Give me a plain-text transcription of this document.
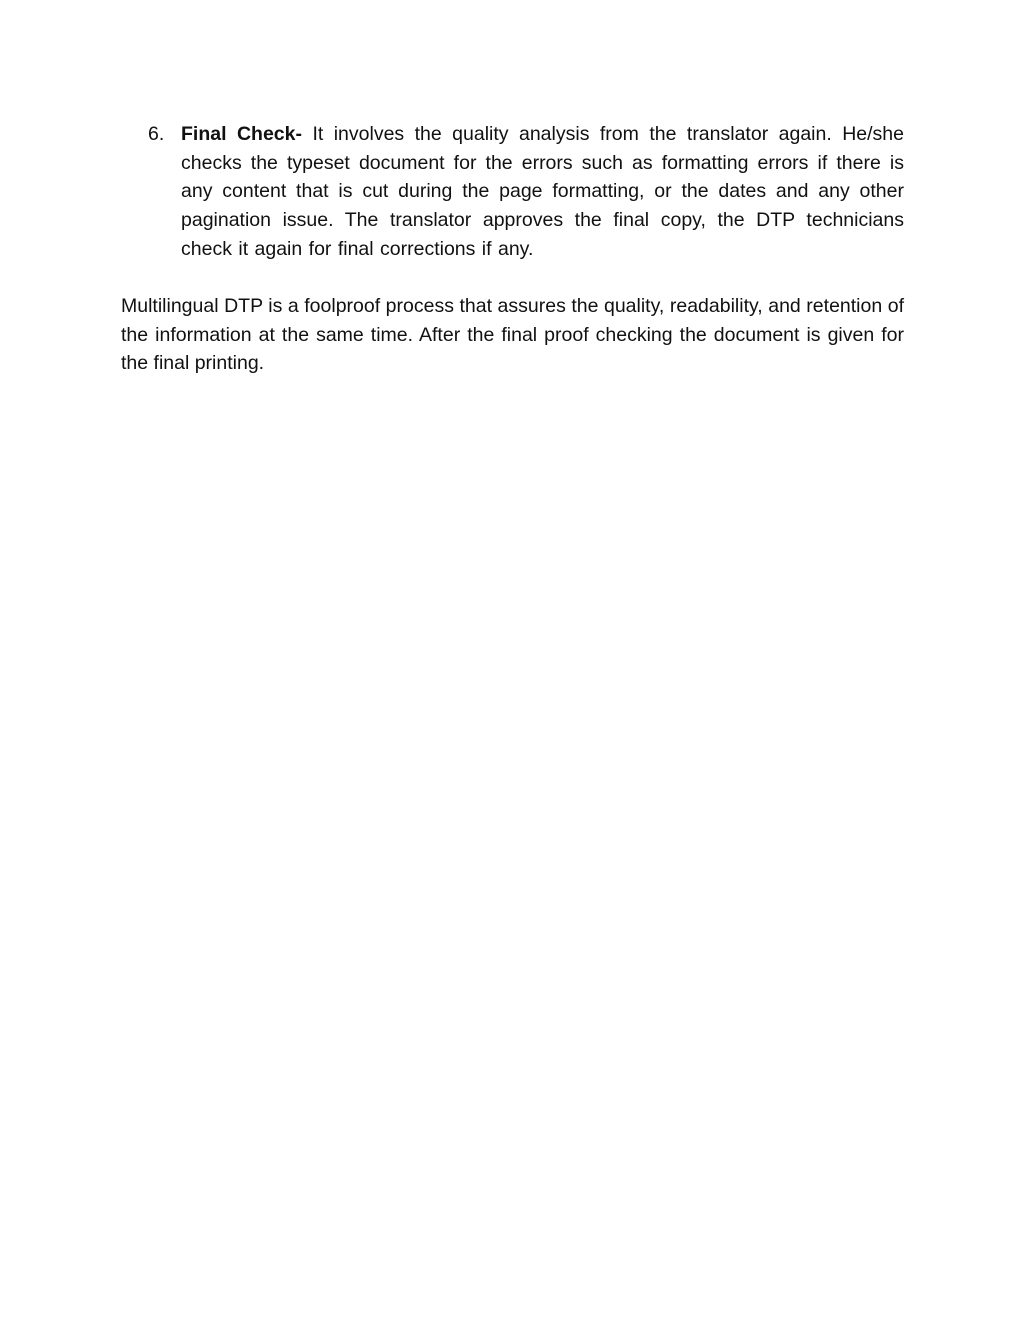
6. Final Check- It involves the quality analysis from the translator again. He/she checks the typeset document for the errors such as formatting errors if there is any content that is cut during the page formatting, or the dates and any other pagination issue. The translator approves the final copy, the DTP technicians check it again for final corrections if any.

Multilingual DTP is a foolproof process that assures the quality, readability, and retention of the information at the same time. After the final proof checking the document is given for the final printing.
